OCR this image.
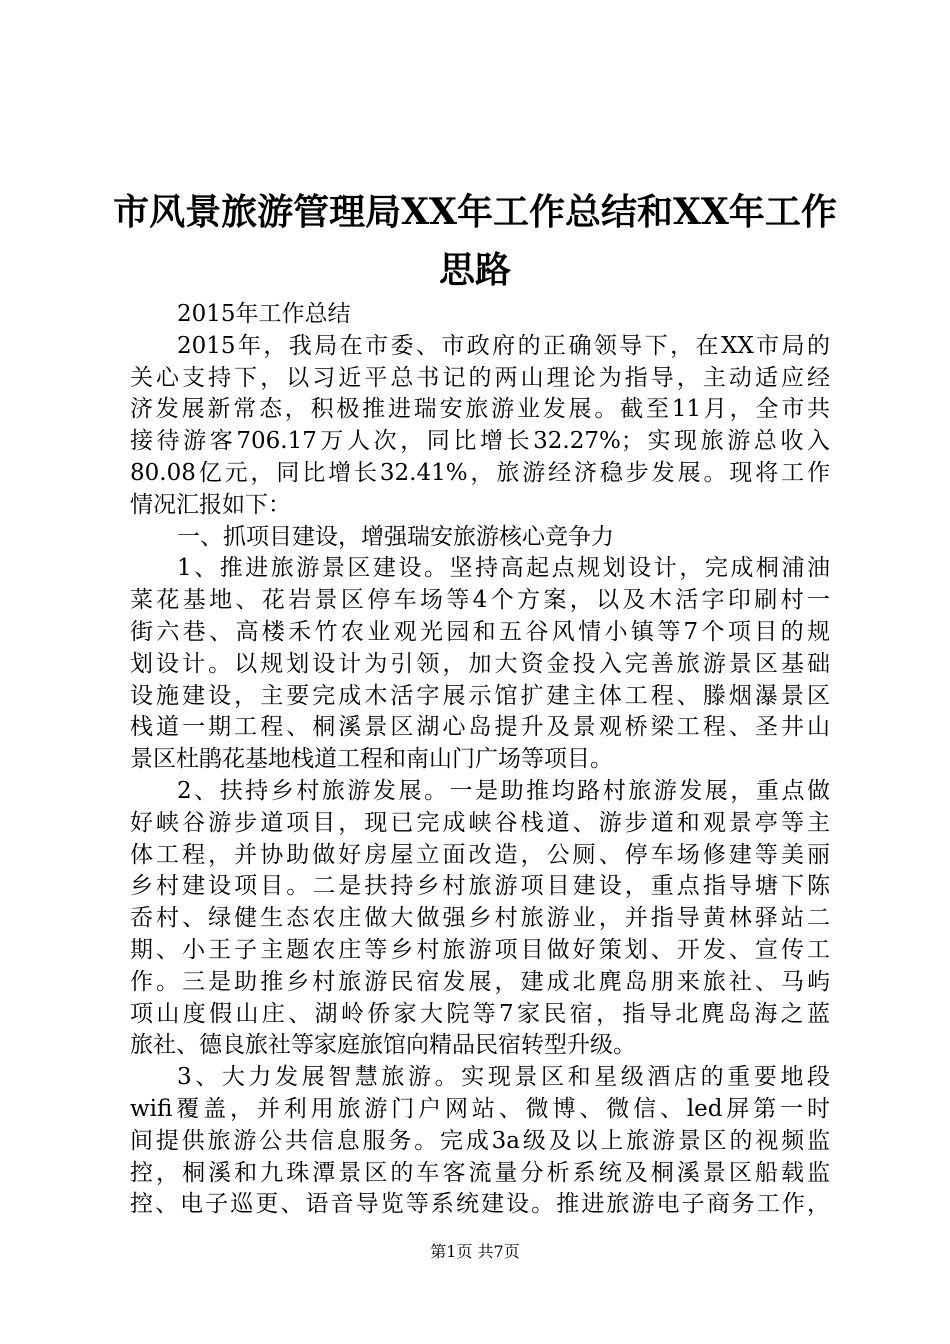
市风景旅游管理局XX年工作总结和XX年工作
思路
2015年工作总结
2015年，我局在市委、市政府的正确领导下，在XX市局的
关心支持下，以习近平总书记的两山理论为指导，主动适应经
济发展新常态，积极推进瑞安旅游业发展。截至11月，全市共
接待游客706.17万人次，同比增长32.27%；实现旅游总收入
80.08亿元，同比增长32.41%，旅游经济稳步发展。现将工作
情况汇报如下：
一、抓项目建设，增强瑞安旅游核心竞争力
1、推进旅游景区建设。坚持高起点规划设计，完成桐浦油
菜花基地、花岩景区停车场等4个方案，以及木活字印刷村一
街六巷、高楼禾竹农业观光园和五谷风情小镇等7个项目的规
划设计。以规划设计为引领，加大资金投入完善旅游景区基础
设施建设，主要完成木活字展示馆扩建主体工程、滕烟瀑景区
栈道一期工程、桐溪景区湖心岛提升及景观桥梁工程、圣井山
景区杜鹃花基地栈道工程和南山门广场等项目。
2、扶持乡村旅游发展。一是助推均路村旅游发展，重点做
好峡谷游步道项目，现已完成峡谷栈道、游步道和观景亭等主
体工程，并协助做好房屋立面改造，公厕、停车场修建等美丽
乡村建设项目。二是扶持乡村旅游项目建设，重点指导塘下陈
岙村、绿健生态农庄做大做强乡村旅游业，并指导黄林驿站二
期、小王子主题农庄等乡村旅游项目做好策划、开发、宣传工
作。三是助推乡村旅游民宿发展，建成北麂岛朋来旅社、马屿
项山度假山庄、湖岭侨家大院等7家民宿，指导北麂岛海之蓝
旅社、德良旅社等家庭旅馆向精品民宿转型升级。
3、大力发展智慧旅游。实现景区和星级酒店的重要地段
wifi覆盖，并利用旅游门户网站、微博、微信、led屏第一时
间提供旅游公共信息服务。完成3a级及以上旅游景区的视频监
控，桐溪和九珠潭景区的车客流量分析系统及桐溪景区船载监
控、电子巡更、语音导览等系统建设。推进旅游电子商务工作，
第1页 共7页
